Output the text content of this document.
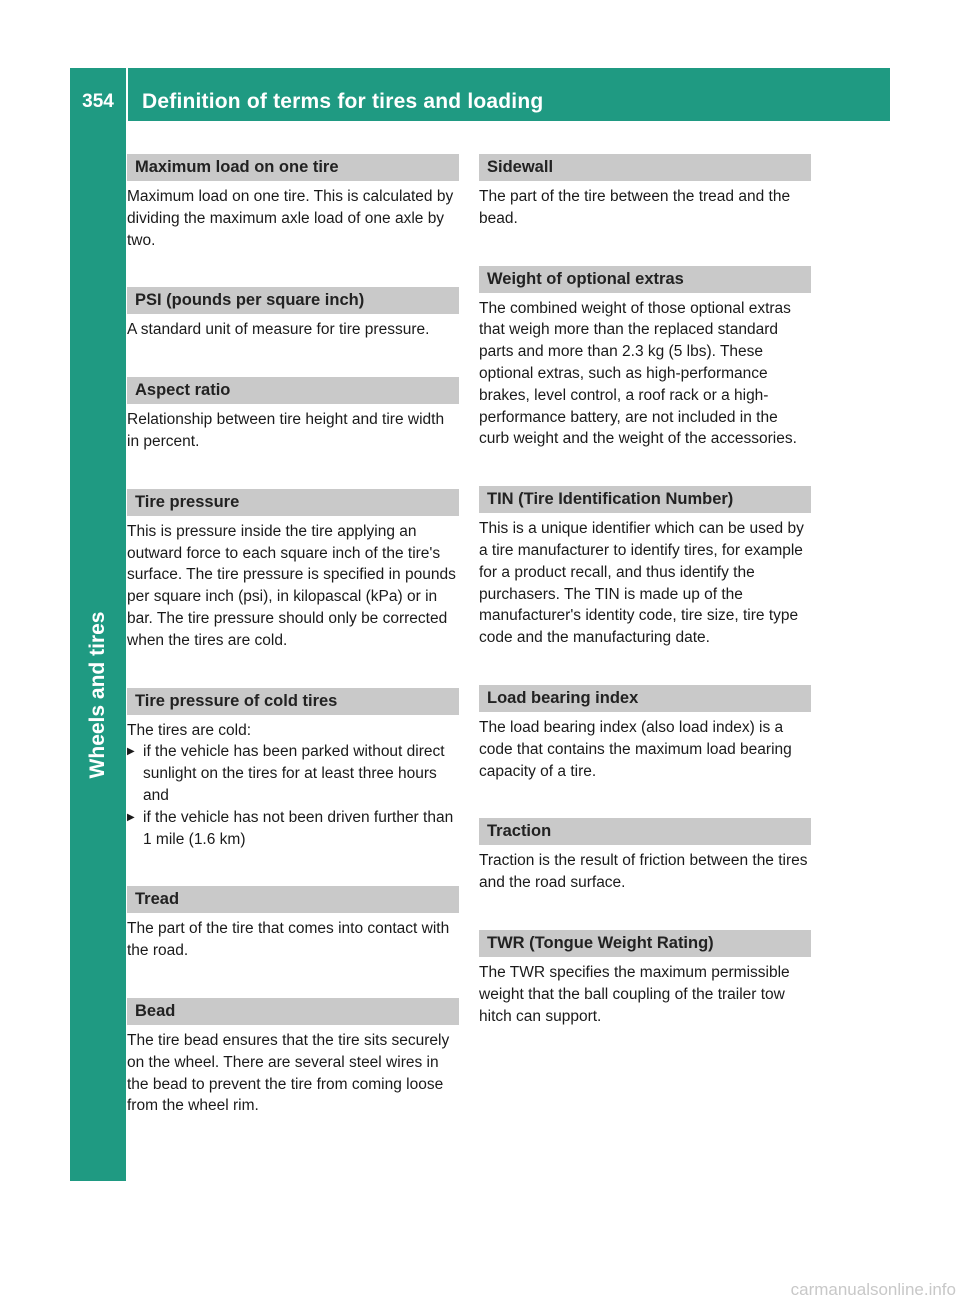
354	Definition of terms for tires and loading
Wheels and tires
Maximum load on one tire

Maximum load on one tire. This is calculated by dividing the maximum axle load of one axle by two.

PSI (pounds per square inch)

A standard unit of measure for tire pressure.

Aspect ratio

Relationship between tire height and tire width in percent.

Tire pressure

This is pressure inside the tire applying an outward force to each square inch of the tire's surface. The tire pressure is specified in pounds per square inch (psi), in kilopascal (kPa) or in bar. The tire pressure should only be corrected when the tires are cold.

Tire pressure of cold tires

The tires are cold:

▶ if the vehicle has been parked without direct sunlight on the tires for at least three hours and
▶ if the vehicle has not been driven further than 1 mile (1.6 km)
Tread

The part of the tire that comes into contact with the road.

Bead

The tire bead ensures that the tire sits securely on the wheel. There are several steel wires in the bead to prevent the tire from coming loose from the wheel rim.

Sidewall

The part of the tire between the tread and the bead.

Weight of optional extras

The combined weight of those optional extras that weigh more than the replaced standard parts and more than 2.3 kg (5 lbs). These optional extras, such as high-performance brakes, level control, a roof rack or a high-performance battery, are not included in the curb weight and the weight of the accessories.

TIN (Tire Identification Number)

This is a unique identifier which can be used by a tire manufacturer to identify tires, for example for a product recall, and thus identify the purchasers. The TIN is made up of the manufacturer's identity code, tire size, tire type code and the manufacturing date.

Load bearing index

The load bearing index (also load index) is a code that contains the maximum load bearing capacity of a tire.

Traction

Traction is the result of friction between the tires and the road surface.

TWR (Tongue Weight Rating)

The TWR specifies the maximum permissible weight that the ball coupling of the trailer tow hitch can support.

carmanualsonline.info
